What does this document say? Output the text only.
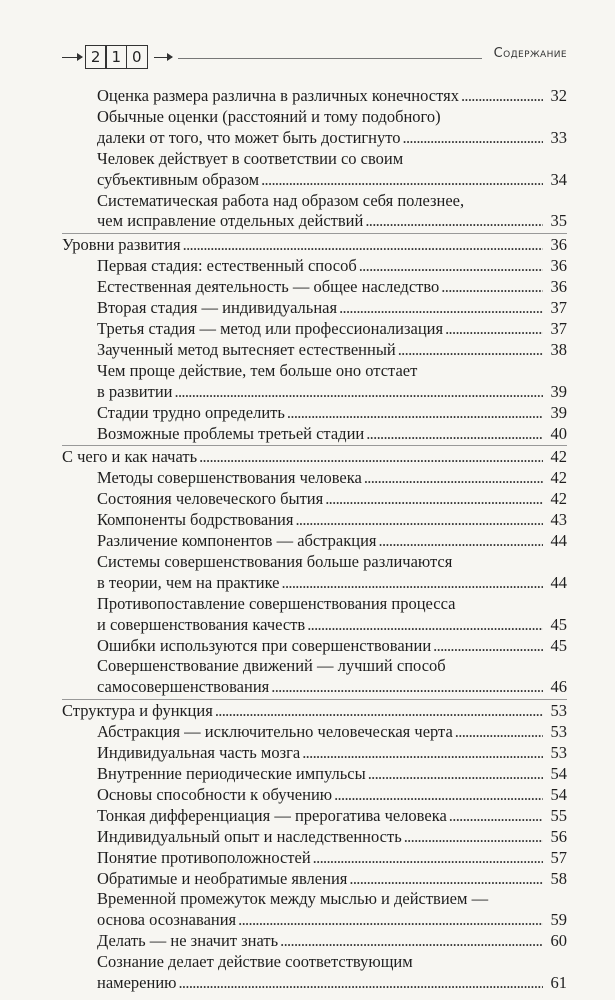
2 1 0	Содержание
Оценка размера различна в различных конечностях . . .	32
Обычные оценки (расстояний и тому подобного)
далеки от того, что может быть достигнуто . . .	33
Человек действует в соответствии со своим
субъективным образом . . .	34
Систематическая работа над образом себя полезнее,
чем исправление отдельных действий . . .	35
Уровни развития . . .	36
Первая стадия: естественный способ . . .	36
Естественная деятельность — общее наследство . . .	36
Вторая стадия — индивидуальная . . .	37
Третья стадия — метод или профессионализация . . .	37
Заученный метод вытесняет естественный . . .	38
Чем проще действие, тем больше оно отстает
в развитии . . .	39
Стадии трудно определить . . .	39
Возможные проблемы третьей стадии . . .	40
С чего и как начать . . .	42
Методы совершенствования человека . . .	42
Состояния человеческого бытия . . .	42
Компоненты бодрствования . . .	43
Различение компонентов — абстракция . . .	44
Системы совершенствования больше различаются
в теории, чем на практике . . .	44
Противопоставление совершенствования процесса
и совершенствования качеств . . .	45
Ошибки используются при совершенствовании . . .	45
Совершенствование движений — лучший способ
самосовершенствования . . .	46
Структура и функция . . .	53
Абстракция — исключительно человеческая черта . . .	53
Индивидуальная часть мозга . . .	53
Внутренние периодические импульсы . . .	54
Основы способности к обучению . . .	54
Тонкая дифференциация — прерогатива человека . . .	55
Индивидуальный опыт и наследственность . . .	56
Понятие противоположностей . . .	57
Обратимые и необратимые явления . . .	58
Временной промежуток между мыслью и действием —
основа осознавания . . .	59
Делать — не значит знать . . .	60
Сознание делает действие соответствующим
намерению . . .	61
